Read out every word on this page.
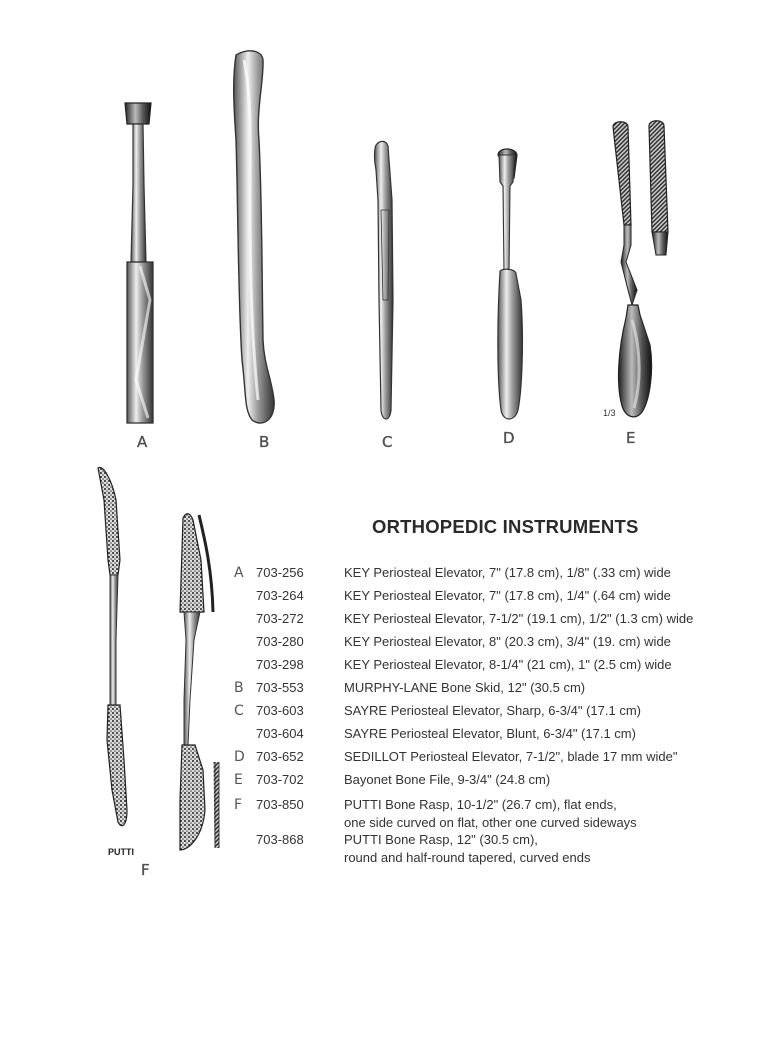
A	B	C	D	E
F
1/3
PUTTI
ORTHOPEDIC INSTRUMENTS
A 703-256	KEY Periosteal Elevator, 7" (17.8 cm), 1/8" (.33 cm) wide
703-264	KEY Periosteal Elevator, 7" (17.8 cm), 1/4" (.64 cm) wide
703-272	KEY Periosteal Elevator, 7-1/2" (19.1 cm), 1/2" (1.3 cm) wide
703-280	KEY Periosteal Elevator, 8" (20.3 cm), 3/4" (19. cm) wide
703-298	KEY Periosteal Elevator, 8-1/4" (21 cm), 1" (2.5 cm) wide
B 703-553	MURPHY-LANE Bone Skid, 12" (30.5 cm)
C 703-603	SAYRE Periosteal Elevator, Sharp, 6-3/4" (17.1 cm)
703-604	SAYRE Periosteal Elevator, Blunt, 6-3/4" (17.1 cm)
D 703-652	SEDILLOT Periosteal Elevator, 7-1/2", blade 17 mm wide"
E	703-702	Bayonet Bone File, 9-3/4" (24.8 cm)
F	703-850	PUTTI Bone Rasp, 10-1/2" (26.7 cm), flat ends,
one side curved on flat, other one curved sideways
703-868	PUTTI Bone Rasp, 12" (30.5 cm),
round and half-round tapered, curved ends
